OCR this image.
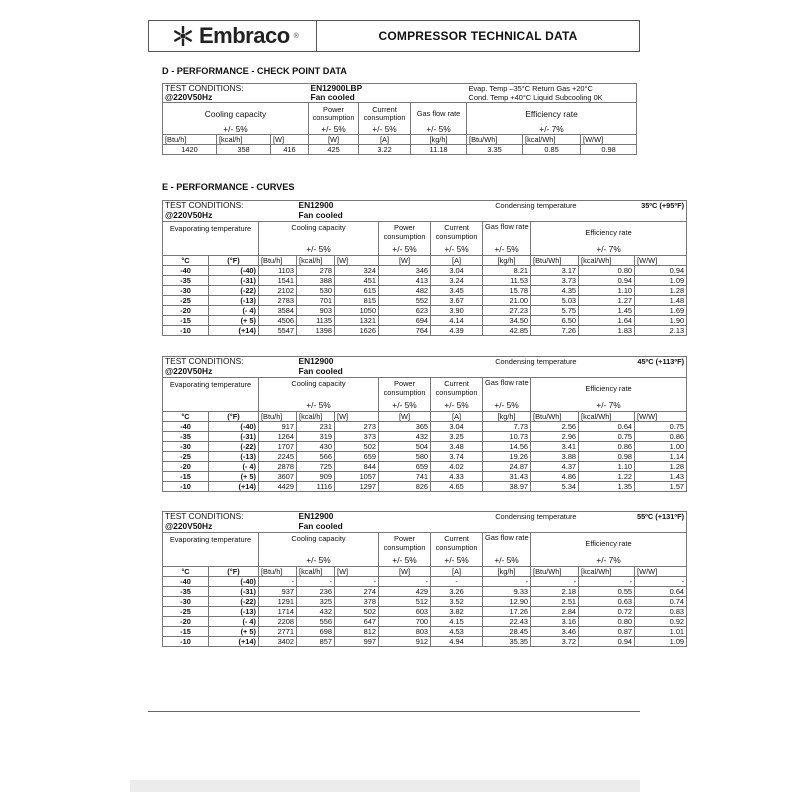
Embraco ®	COMPRESSOR TECHNICAL DATA
D - PERFORMANCE - CHECK POINT DATA
TEST CONDITIONS:			EN12900LBP			Evap. Temp –35°C Return Gas +20°C		
@220V50Hz			Fan cooled			Cond. Temp +40°C Liquid Subcooling 0K		
Cooling capacity			Power consumption	Current consumption	Gas flow rate	Efficiency rate		
+/- 5%			+/- 5%	+/- 5%	+/- 5%	+/- 7%		
[Btu/h]	[kcal/h]	[W]	[W]	[A]	[kg/h]	[Btu/Wh]	[kcal/Wh]	[W/W]
1420	358	416	425	3.22	11.18	3.35	0.85	0.98
E - PERFORMANCE - CURVES
TEST CONDITIONS:			EN12900			Condensing temperature			35ºC (+95ºF)	
@220V50Hz			Fan cooled							
Evaporating temperature		Cooling capacity			Power consumption	Current consumption	Gas flow rate	Efficiency rate		
		+/- 5%			+/- 5%	+/- 5%	+/- 5%	+/- 7%		
°C	(°F)	[Btu/h]	[kcal/h]	[W]	[W]	[A]	[kg/h]	[Btu/Wh]	[kcal/Wh]	[W/W]
-40	(-40)	1103	278	324	346	3.04	8.21	3.17	0.80	0.94
-35	(-31)	1541	388	451	413	3.24	11.53	3.73	0.94	1.09
-30	(-22)	2102	530	615	482	3.45	15.78	4.35	1.10	1.28
-25	(-13)	2783	701	815	552	3.67	21.00	5.03	1.27	1.48
-20	(- 4)	3584	903	1050	623	3.90	27.23	5.75	1.45	1.69
-15	(+ 5)	4506	1135	1321	694	4.14	34.50	6.50	1.64	1.90
-10	(+14)	5547	1398	1626	764	4.39	42.85	7.26	1.83	2.13
TEST CONDITIONS:			EN12900			Condensing temperature			45ºC (+113ºF)	
@220V50Hz			Fan cooled							
Evaporating temperature		Cooling capacity			Power consumption	Current consumption	Gas flow rate	Efficiency rate		
		+/- 5%			+/- 5%	+/- 5%	+/- 5%	+/- 7%		
°C	(°F)	[Btu/h]	[kcal/h]	[W]	[W]	[A]	[kg/h]	[Btu/Wh]	[kcal/Wh]	[W/W]
-40	(-40)	917	231	273	365	3.04	7.73	2.56	0.64	0.75
-35	(-31)	1264	319	373	432	3.25	10.73	2.96	0.75	0.86
-30	(-22)	1707	430	502	504	3.48	14.56	3.41	0.86	1.00
-25	(-13)	2245	566	659	580	3.74	19.26	3.88	0.98	1.14
-20	(- 4)	2878	725	844	659	4.02	24.87	4.37	1.10	1.28
-15	(+ 5)	3607	909	1057	741	4.33	31.43	4.86	1.22	1.43
-10	(+14)	4429	1116	1297	826	4.65	38.97	5.34	1.35	1.57
TEST CONDITIONS:			EN12900			Condensing temperature			55ºC (+131ºF)	
@220V50Hz			Fan cooled							
Evaporating temperature		Cooling capacity			Power consumption	Current consumption	Gas flow rate	Efficiency rate		
		+/- 5%			+/- 5%	+/- 5%	+/- 5%	+/- 7%		
°C	(°F)	[Btu/h]	[kcal/h]	[W]	[W]	[A]	[kg/h]	[Btu/Wh]	[kcal/Wh]	[W/W]
-40	(-40)	-	-	-	-	-	-	-	-	-
-35	(-31)	937	236	274	429	3.26	9.33	2.18	0.55	0.64
-30	(-22)	1291	325	378	512	3.52	12.90	2.51	0.63	0.74
-25	(-13)	1714	432	502	603	3.82	17.26	2.84	0.72	0.83
-20	(- 4)	2208	556	647	700	4.15	22.43	3.16	0.80	0.92
-15	(+ 5)	2771	698	812	803	4.53	28.45	3.46	0.87	1.01
-10	(+14)	3402	857	997	912	4.94	35.35	3.72	0.94	1.09
